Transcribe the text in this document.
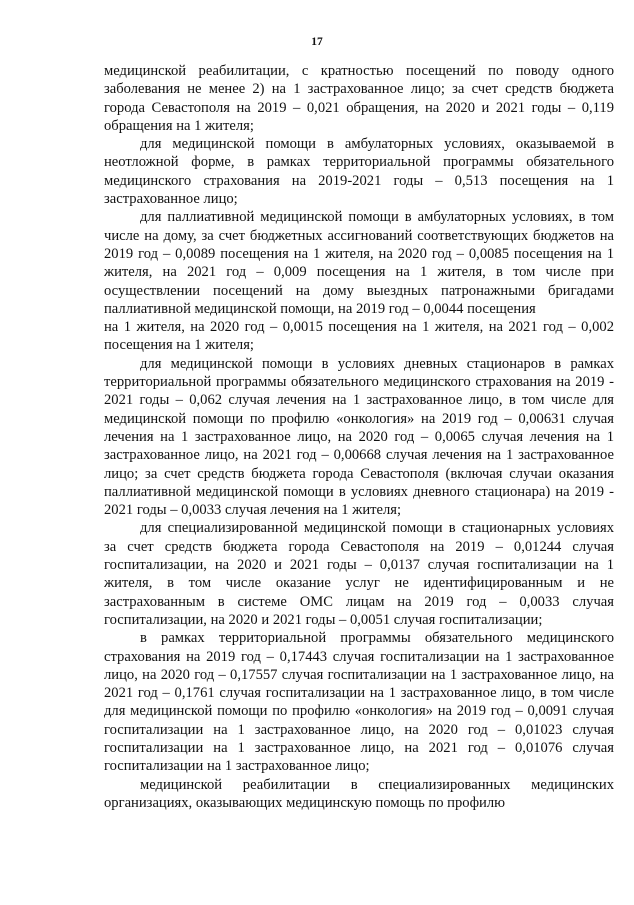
17

медицинской реабилитации, с кратностью посещений по поводу одного заболевания не менее 2) на 1 застрахованное лицо; за счет средств бюджета города Севастополя на 2019 – 0,021 обращения, на 2020 и 2021 годы – 0,119 обращения на 1 жителя;

для медицинской помощи в амбулаторных условиях, оказываемой в неотложной форме, в рамках территориальной программы обязательного медицинского страхования на 2019-2021 годы – 0,513 посещения на 1 застрахованное лицо;

для паллиативной медицинской помощи в амбулаторных условиях, в том числе на дому, за счет бюджетных ассигнований соответствующих бюджетов на 2019 год – 0,0089 посещения на 1 жителя, на 2020 год – 0,0085 посещения на 1 жителя, на 2021 год – 0,009 посещения на 1 жителя, в том числе при осуществлении посещений на дому выездных патронажными бригадами паллиативной медицинской помощи, на 2019 год – 0,0044 посещения

на 1 жителя, на 2020 год – 0,0015 посещения на 1 жителя, на 2021 год – 0,002 посещения на 1 жителя;

для медицинской помощи в условиях дневных стационаров в рамках территориальной программы обязательного медицинского страхования на 2019 - 2021 годы – 0,062 случая лечения на 1 застрахованное лицо, в том числе для медицинской помощи по профилю «онкология» на 2019 год – 0,00631 случая лечения на 1 застрахованное лицо, на 2020 год – 0,0065 случая лечения на 1 застрахованное лицо, на 2021 год – 0,00668 случая лечения на 1 застрахованное лицо; за счет средств бюджета города Севастополя (включая случаи оказания паллиативной медицинской помощи в условиях дневного стационара) на 2019 - 2021 годы – 0,0033 случая лечения на 1 жителя;

для специализированной медицинской помощи в стационарных условиях за счет средств бюджета города Севастополя на 2019 – 0,01244 случая госпитализации, на 2020 и 2021 годы – 0,0137 случая госпитализации на 1 жителя, в том числе оказание услуг не идентифицированным и не застрахованным в системе ОМС лицам на 2019 год – 0,0033 случая госпитализации, на 2020 и 2021 годы – 0,0051 случая госпитализации;

в рамках территориальной программы обязательного медицинского страхования на 2019 год – 0,17443 случая госпитализации на 1 застрахованное лицо, на 2020 год – 0,17557 случая госпитализации на 1 застрахованное лицо, на 2021 год – 0,1761 случая госпитализации на 1 застрахованное лицо, в том числе для медицинской помощи по профилю «онкология» на 2019 год – 0,0091 случая госпитализации на 1 застрахованное лицо, на 2020 год – 0,01023 случая госпитализации на 1 застрахованное лицо, на 2021 год – 0,01076 случая госпитализации на 1 застрахованное лицо;

медицинской реабилитации в специализированных медицинских организациях, оказывающих медицинскую помощь по профилю
